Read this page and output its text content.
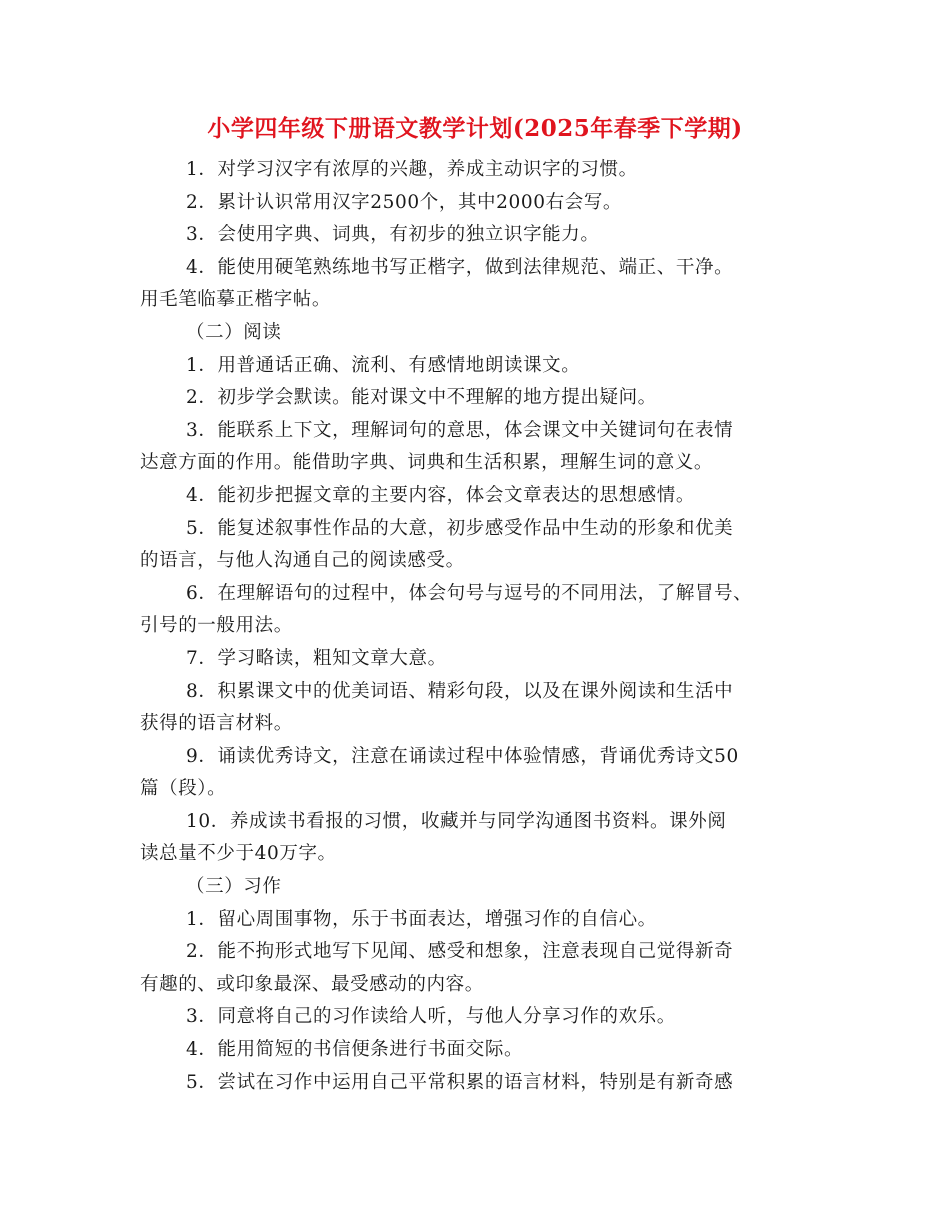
小学四年级下册语文教学计划(2025年春季下学期)
1．对学习汉字有浓厚的兴趣，养成主动识字的习惯。
2．累计认识常用汉字2500个，其中2000右会写。
3．会使用字典、词典，有初步的独立识字能力。
4．能使用硬笔熟练地书写正楷字，做到法律规范、端正、干净。
用毛笔临摹正楷字帖。
（二）阅读
1．用普通话正确、流利、有感情地朗读课文。
2．初步学会默读。能对课文中不理解的地方提出疑问。
3．能联系上下文，理解词句的意思，体会课文中关键词句在表情
达意方面的作用。能借助字典、词典和生活积累，理解生词的意义。
4．能初步把握文章的主要内容，体会文章表达的思想感情。
5．能复述叙事性作品的大意，初步感受作品中生动的形象和优美
的语言，与他人沟通自己的阅读感受。
6．在理解语句的过程中，体会句号与逗号的不同用法，了解冒号、
引号的一般用法。
7．学习略读，粗知文章大意。
8．积累课文中的优美词语、精彩句段，以及在课外阅读和生活中
获得的语言材料。
9．诵读优秀诗文，注意在诵读过程中体验情感，背诵优秀诗文50
篇（段）。
10．养成读书看报的习惯，收藏并与同学沟通图书资料。课外阅
读总量不少于40万字。
（三）习作
1．留心周围事物，乐于书面表达，增强习作的自信心。
2．能不拘形式地写下见闻、感受和想象，注意表现自己觉得新奇
有趣的、或印象最深、最受感动的内容。
3．同意将自己的习作读给人听，与他人分享习作的欢乐。
4．能用简短的书信便条进行书面交际。
5．尝试在习作中运用自己平常积累的语言材料，特别是有新奇感
